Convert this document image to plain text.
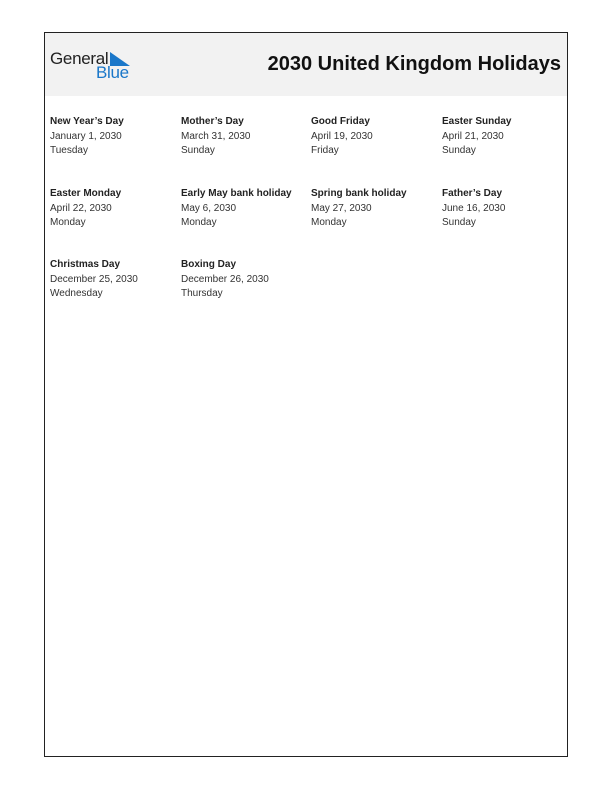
General
Blue	2030 United Kingdom Holidays
New Year’s Day
January 1, 2030
Tuesday
Mother’s Day
March 31, 2030
Sunday
Good Friday
April 19, 2030
Friday
Easter Sunday
April 21, 2030
Sunday
Easter Monday
April 22, 2030
Monday
Early May bank holiday
May 6, 2030
Monday
Spring bank holiday
May 27, 2030
Monday
Father’s Day
June 16, 2030
Sunday
Christmas Day
December 25, 2030
Wednesday
Boxing Day
December 26, 2030
Thursday
